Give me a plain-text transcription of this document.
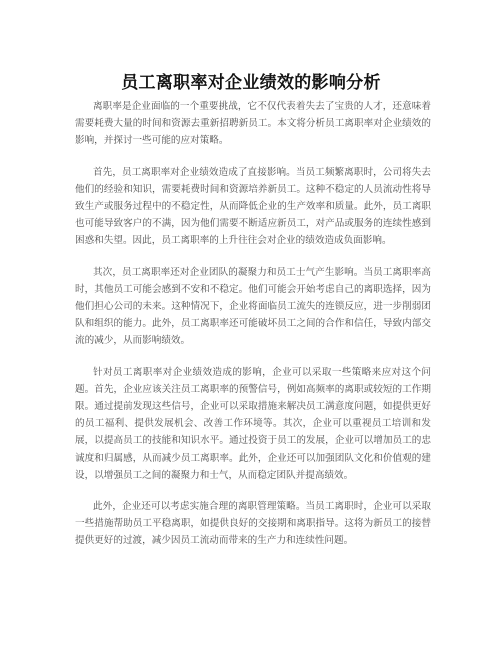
员工离职率对企业绩效的影响分析

离职率是企业面临的一个重要挑战，它不仅代表着失去了宝贵的人才，还意味着需要耗费大量的时间和资源去重新招聘新员工。本文将分析员工离职率对企业绩效的影响，并探讨一些可能的应对策略。

首先，员工离职率对企业绩效造成了直接影响。当员工频繁离职时，公司将失去他们的经验和知识，需要耗费时间和资源培养新员工。这种不稳定的人员流动性将导致生产或服务过程中的不稳定性，从而降低企业的生产效率和质量。此外，员工离职也可能导致客户的不满，因为他们需要不断适应新员工，对产品或服务的连续性感到困惑和失望。因此，员工离职率的上升往往会对企业的绩效造成负面影响。

其次，员工离职率还对企业团队的凝聚力和员工士气产生影响。当员工离职率高时，其他员工可能会感到不安和不稳定。他们可能会开始考虑自己的离职选择，因为他们担心公司的未来。这种情况下，企业将面临员工流失的连锁反应，进一步削弱团队和组织的能力。此外，员工离职率还可能破坏员工之间的合作和信任，导致内部交流的减少，从而影响绩效。

针对员工离职率对企业绩效造成的影响，企业可以采取一些策略来应对这个问题。首先，企业应该关注员工离职率的预警信号，例如高频率的离职或较短的工作期限。通过提前发现这些信号，企业可以采取措施来解决员工满意度问题，如提供更好的员工福利、提供发展机会、改善工作环境等。其次，企业可以重视员工培训和发展，以提高员工的技能和知识水平。通过投资于员工的发展，企业可以增加员工的忠诚度和归属感，从而减少员工离职率。此外，企业还可以加强团队文化和价值观的建设，以增强员工之间的凝聚力和士气，从而稳定团队并提高绩效。

此外，企业还可以考虑实施合理的离职管理策略。当员工离职时，企业可以采取一些措施帮助员工平稳离职，如提供良好的交接期和离职指导。这将为新员工的接替提供更好的过渡，减少因员工流动而带来的生产力和连续性问题。
